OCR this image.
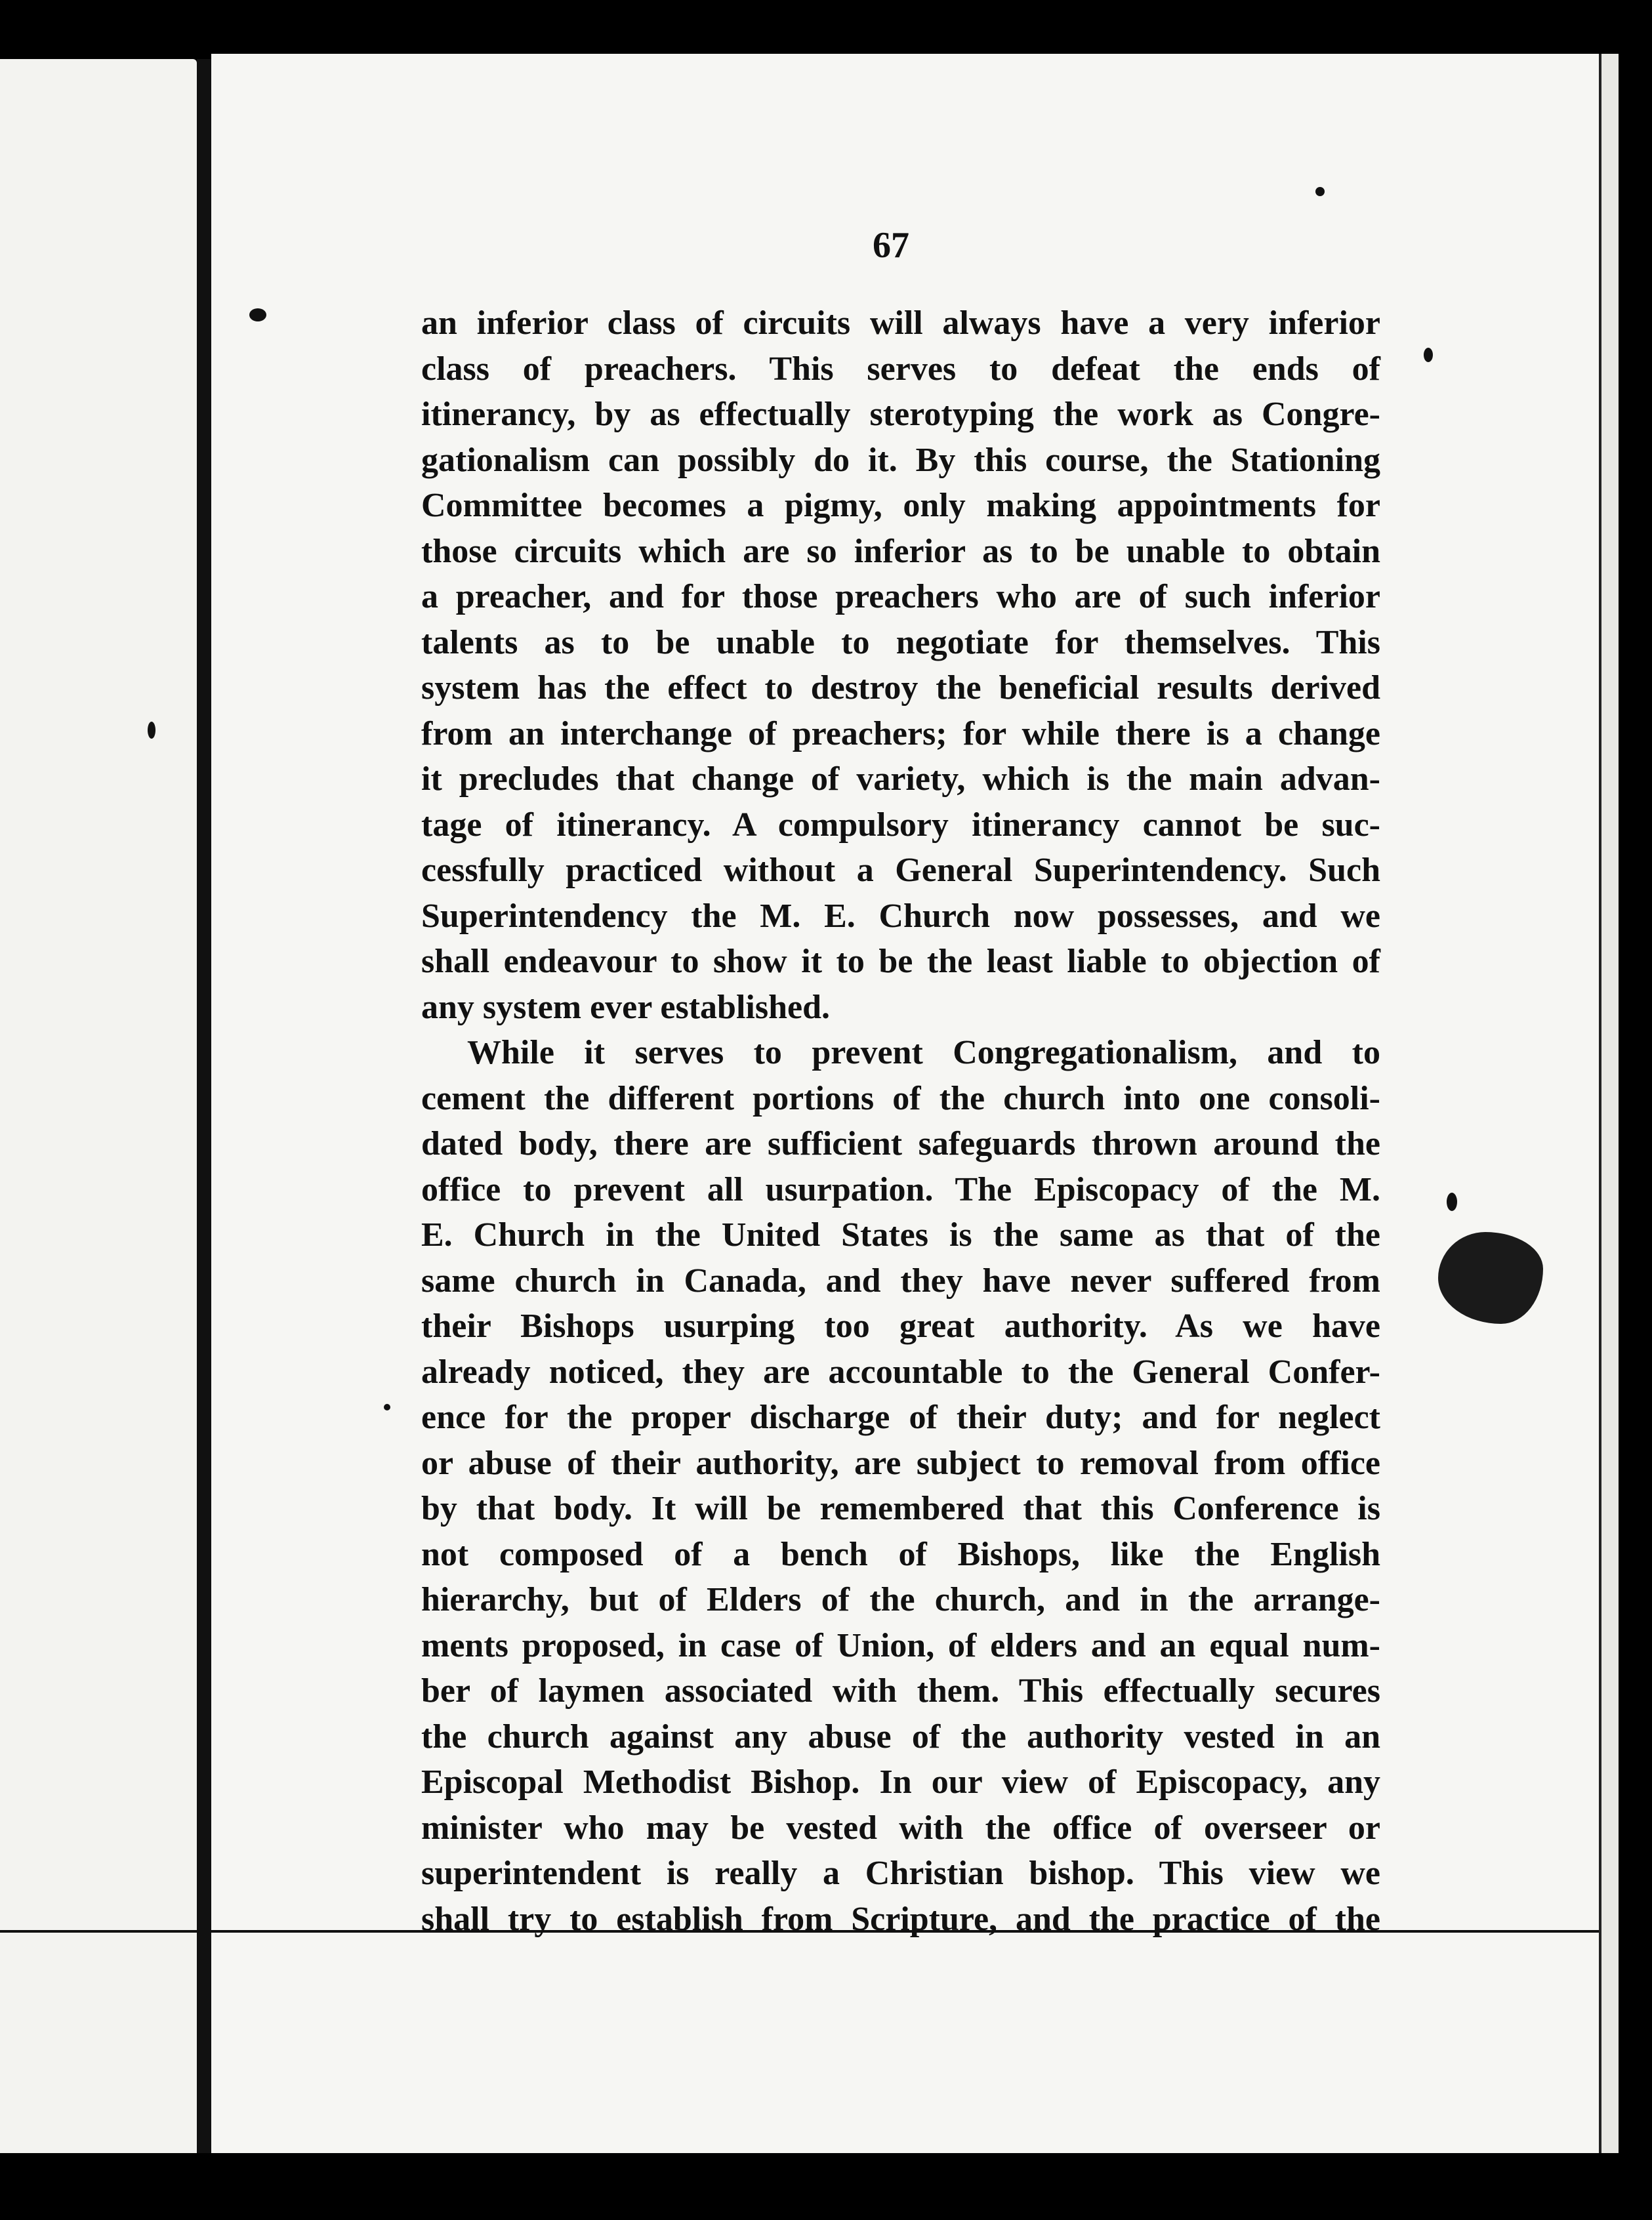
67
an inferior class of circuits will always have a very inferior
class of preachers. This serves to defeat the ends of
itinerancy, by as effectually sterotyping the work as Congre-
gationalism can possibly do it. By this course, the Stationing
Committee becomes a pigmy, only making appointments for
those circuits which are so inferior as to be unable to obtain
a preacher, and for those preachers who are of such inferior
talents as to be unable to negotiate for themselves. This
system has the effect to destroy the beneficial results derived
from an interchange of preachers; for while there is a change
it precludes that change of variety, which is the main advan-
tage of itinerancy. A compulsory itinerancy cannot be suc-
cessfully practiced without a General Superintendency. Such
Superintendency the M. E. Church now possesses, and we
shall endeavour to show it to be the least liable to objection of
any system ever established.
While it serves to prevent Congregationalism, and to
cement the different portions of the church into one consoli-
dated body, there are sufficient safeguards thrown around the
office to prevent all usurpation. The Episcopacy of the M.
E. Church in the United States is the same as that of the
same church in Canada, and they have never suffered from
their Bishops usurping too great authority. As we have
already noticed, they are accountable to the General Confer-
ence for the proper discharge of their duty; and for neglect
or abuse of their authority, are subject to removal from office
by that body. It will be remembered that this Conference is
not composed of a bench of Bishops, like the English
hierarchy, but of Elders of the church, and in the arrange-
ments proposed, in case of Union, of elders and an equal num-
ber of laymen associated with them. This effectually secures
the church against any abuse of the authority vested in an
Episcopal Methodist Bishop. In our view of Episcopacy, any
minister who may be vested with the office of overseer or
superintendent is really a Christian bishop. This view we
shall try to establish from Scripture, and the practice of the
